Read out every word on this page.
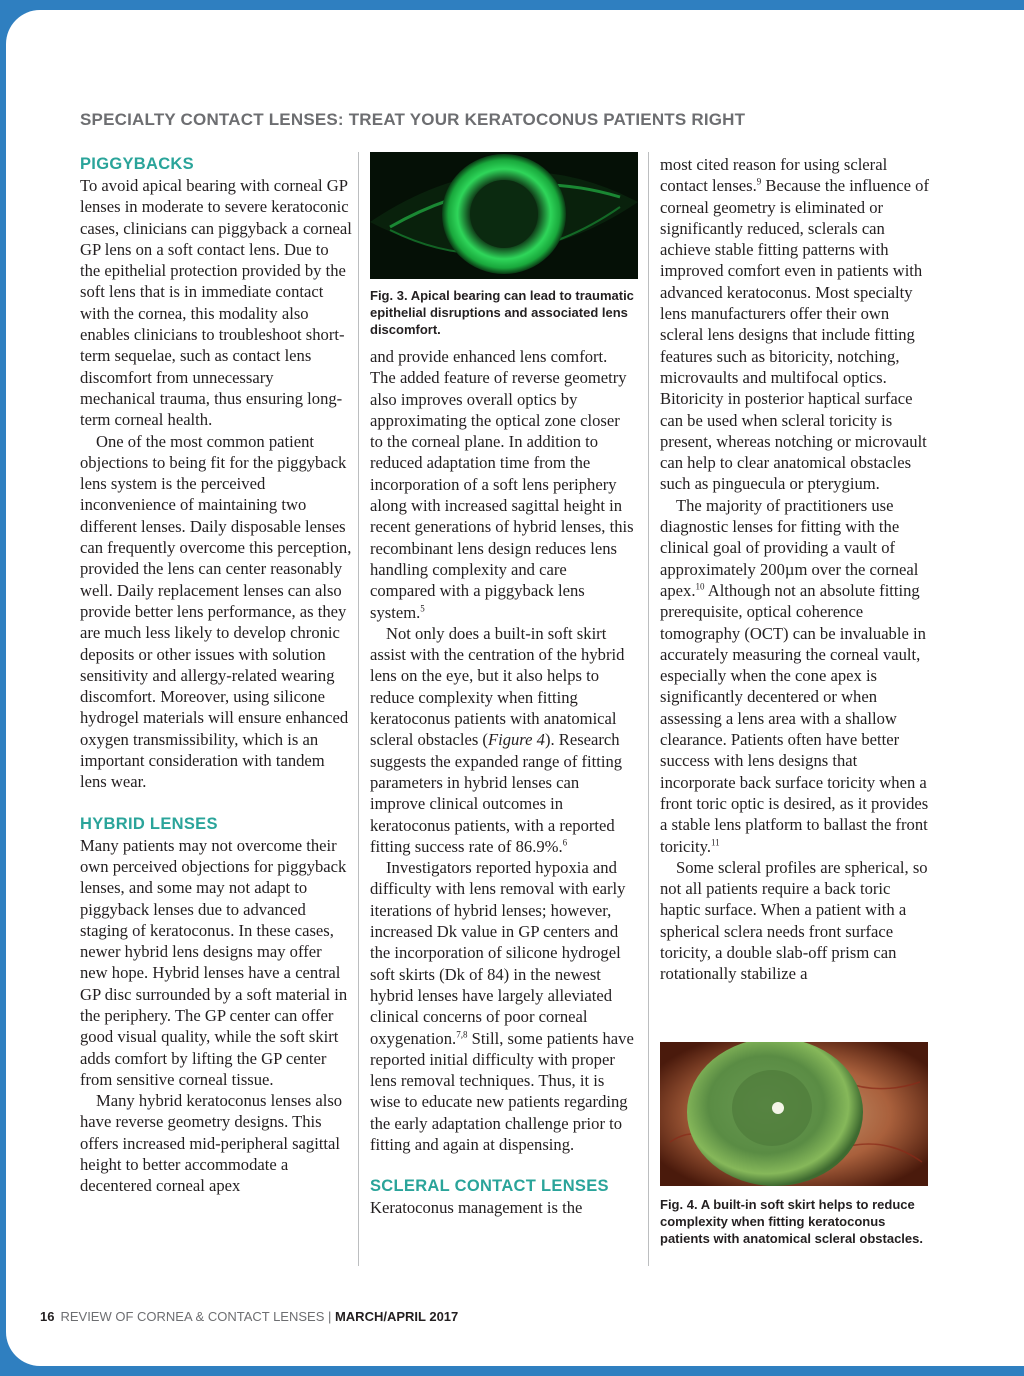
SPECIALTY CONTACT LENSES: TREAT YOUR KERATOCONUS PATIENTS RIGHT
PIGGYBACKS

To avoid apical bearing with corneal GP lenses in moderate to severe keratoconic cases, clinicians can piggyback a corneal GP lens on a soft contact lens. Due to the epithelial protection provided by the soft lens that is in immediate contact with the cornea, this modality also enables clinicians to troubleshoot short-term sequelae, such as contact lens discomfort from unnecessary mechanical trauma, thus ensuring long-term corneal health.

One of the most common patient objections to being fit for the piggyback lens system is the perceived inconvenience of maintaining two different lenses. Daily disposable lenses can frequently overcome this perception, provided the lens can center reasonably well. Daily replacement lenses can also provide better lens performance, as they are much less likely to develop chronic deposits or other issues with solution sensitivity and allergy-related wearing discomfort. Moreover, using silicone hydrogel materials will ensure enhanced oxygen transmissibility, which is an important consideration with tandem lens wear.

HYBRID LENSES

Many patients may not overcome their own perceived objections for piggyback lenses, and some may not adapt to piggyback lenses due to advanced staging of keratoconus. In these cases, newer hybrid lens designs may offer new hope. Hybrid lenses have a central GP disc surrounded by a soft material in the periphery. The GP center can offer good visual quality, while the soft skirt adds comfort by lifting the GP center from sensitive corneal tissue.

Many hybrid keratoconus lenses also have reverse geometry designs. This offers increased mid-peripheral sagittal height to better accommodate a decentered corneal apex

Fig. 3. Apical bearing can lead to traumatic epithelial disruptions and associated lens discomfort.

and provide enhanced lens comfort. The added feature of reverse geometry also improves overall optics by approximating the optical zone closer to the corneal plane. In addition to reduced adaptation time from the incorporation of a soft lens periphery along with increased sagittal height in recent generations of hybrid lenses, this recombinant lens design reduces lens handling complexity and care compared with a piggyback lens system.$^5$

Not only does a built-in soft skirt assist with the centration of the hybrid lens on the eye, but it also helps to reduce complexity when fitting keratoconus patients with anatomical scleral obstacles (Figure 4). Research suggests the expanded range of fitting parameters in hybrid lenses can improve clinical outcomes in keratoconus patients, with a reported fitting success rate of 86.9%.$^6$

Investigators reported hypoxia and difficulty with lens removal with early iterations of hybrid lenses; however, increased Dk value in GP centers and the incorporation of silicone hydrogel soft skirts (Dk of 84) in the newest hybrid lenses have largely alleviated clinical concerns of poor corneal oxygenation.$^{7,8}$ Still, some patients have reported initial difficulty with proper lens removal techniques. Thus, it is wise to educate new patients regarding the early adaptation challenge prior to fitting and again at dispensing.

SCLERAL CONTACT LENSES

Keratoconus management is the

most cited reason for using scleral contact lenses.$^9$ Because the influence of corneal geometry is eliminated or significantly reduced, sclerals can achieve stable fitting patterns with improved comfort even in patients with advanced keratoconus. Most specialty lens manufacturers offer their own scleral lens designs that include fitting features such as bitoricity, notching, microvaults and multifocal optics. Bitoricity in posterior haptical surface can be used when scleral toricity is present, whereas notching or microvault can help to clear anatomical obstacles such as pinguecula or pterygium.

The majority of practitioners use diagnostic lenses for fitting with the clinical goal of providing a vault of approximately 200µm over the corneal apex.$^{10}$ Although not an absolute fitting prerequisite, optical coherence tomography (OCT) can be invaluable in accurately measuring the corneal vault, especially when the cone apex is significantly decentered or when assessing a lens area with a shallow clearance. Patients often have better success with lens designs that incorporate back surface toricity when a front toric optic is desired, as it provides a stable lens platform to ballast the front toricity.$^{11}$

Some scleral profiles are spherical, so not all patients require a back toric haptic surface. When a patient with a spherical sclera needs front surface toricity, a double slab-off prism can rotationally stabilize a

Fig. 4. A built-in soft skirt helps to reduce complexity when fitting keratoconus patients with anatomical scleral obstacles.
16 REVIEW OF CORNEA & CONTACT LENSES | MARCH/APRIL 2017
